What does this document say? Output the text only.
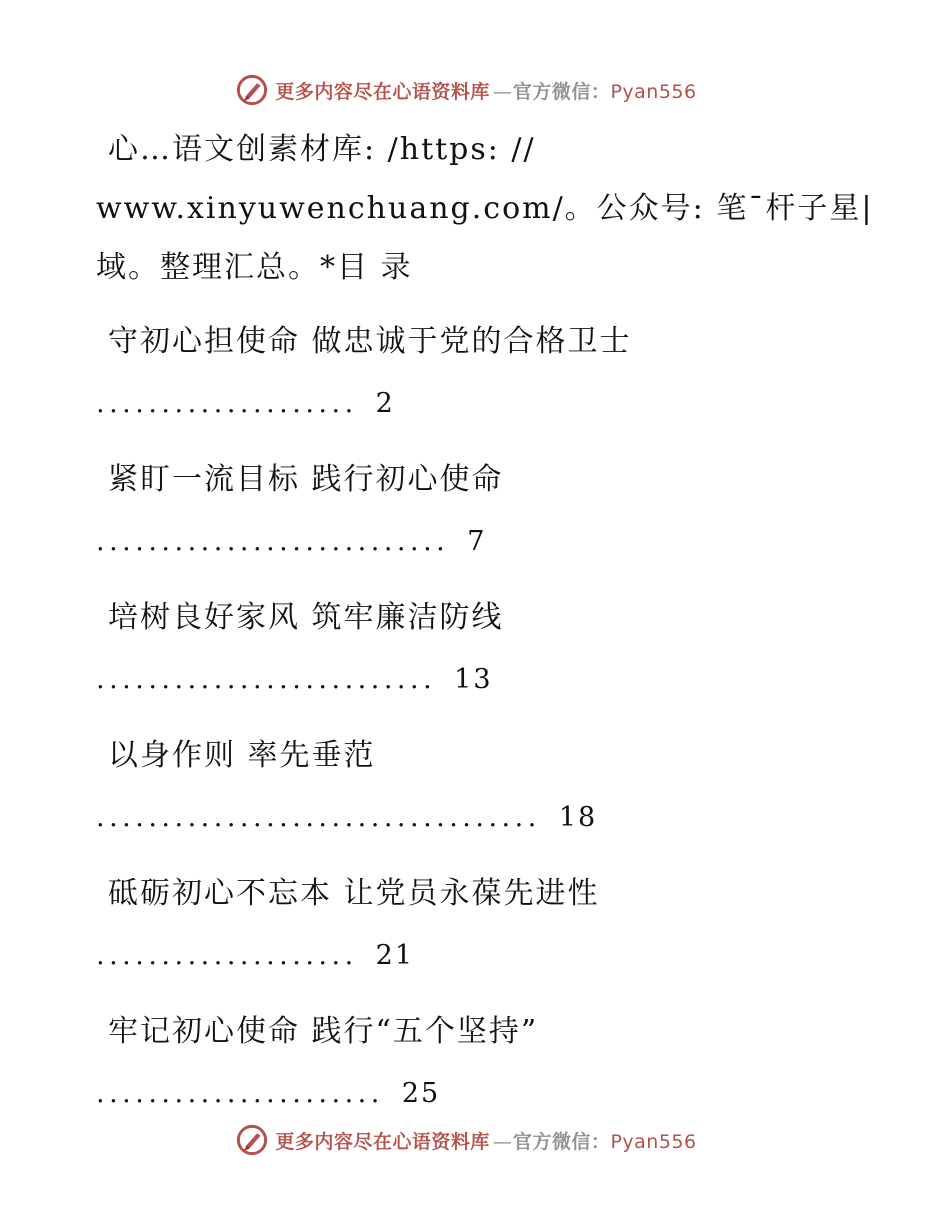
更多内容尽在心语资料库 — 官方微信：Pyan556
心…语文创素材库: /https: //
www.xinyuwenchuang.com/。公众号: 笔¯杆子星|
域。整理汇总。*目 录
守初心担使命 做忠诚于党的合格卫士
.................... 2
紧盯一流目标 践行初心使命
........................... 7
培树良好家风 筑牢廉洁防线
.......................... 13
以身作则 率先垂范
.................................. 18
砥砺初心不忘本 让党员永葆先进性
.................... 21
牢记初心使命 践行“五个坚持”
...................... 25
更多内容尽在心语资料库 — 官方微信：Pyan556
